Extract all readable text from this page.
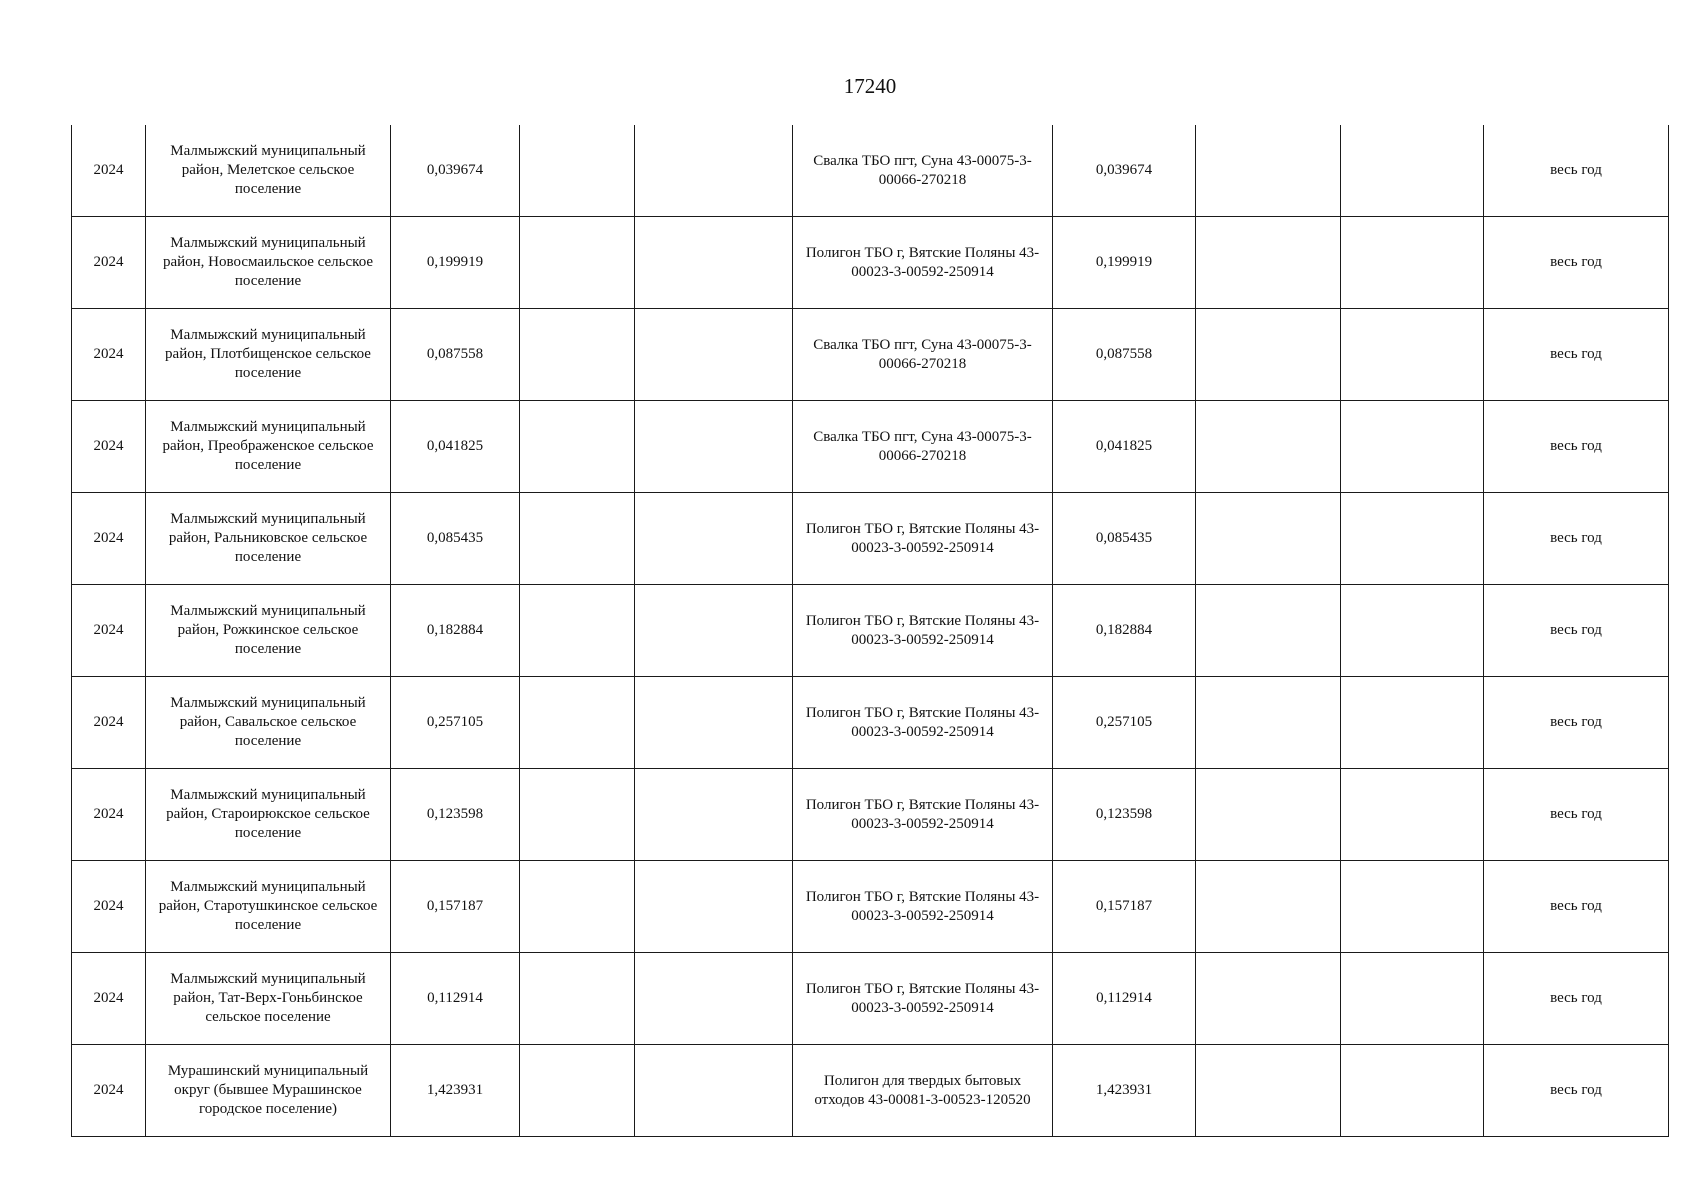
17240
2024	Малмыжский муниципальный район, Мелетское сельское поселение	0,039674			Свалка ТБО пгт, Суна 43-00075-3-00066-270218	0,039674			весь год
2024	Малмыжский муниципальный район, Новосмаильское сельское поселение	0,199919			Полигон ТБО г, Вятские Поляны 43-00023-3-00592-250914	0,199919			весь год
2024	Малмыжский муниципальный район, Плотбищенское сельское поселение	0,087558			Свалка ТБО пгт, Суна 43-00075-3-00066-270218	0,087558			весь год
2024	Малмыжский муниципальный район, Преображенское сельское поселение	0,041825			Свалка ТБО пгт, Суна 43-00075-3-00066-270218	0,041825			весь год
2024	Малмыжский муниципальный район, Ральниковское сельское поселение	0,085435			Полигон ТБО г, Вятские Поляны 43-00023-3-00592-250914	0,085435			весь год
2024	Малмыжский муниципальный район, Рожкинское сельское поселение	0,182884			Полигон ТБО г, Вятские Поляны 43-00023-3-00592-250914	0,182884			весь год
2024	Малмыжский муниципальный район, Савальское сельское поселение	0,257105			Полигон ТБО г, Вятские Поляны 43-00023-3-00592-250914	0,257105			весь год
2024	Малмыжский муниципальный район, Староирюкское сельское поселение	0,123598			Полигон ТБО г, Вятские Поляны 43-00023-3-00592-250914	0,123598			весь год
2024	Малмыжский муниципальный район, Старотушкинское сельское поселение	0,157187			Полигон ТБО г, Вятские Поляны 43-00023-3-00592-250914	0,157187			весь год
2024	Малмыжский муниципальный район, Тат-Верх-Гоньбинское сельское поселение	0,112914			Полигон ТБО г, Вятские Поляны 43-00023-3-00592-250914	0,112914			весь год
2024	Мурашинский муниципальный округ (бывшее Мурашинское городское поселение)	1,423931			Полигон для твердых бытовых отходов 43-00081-3-00523-120520	1,423931			весь год
